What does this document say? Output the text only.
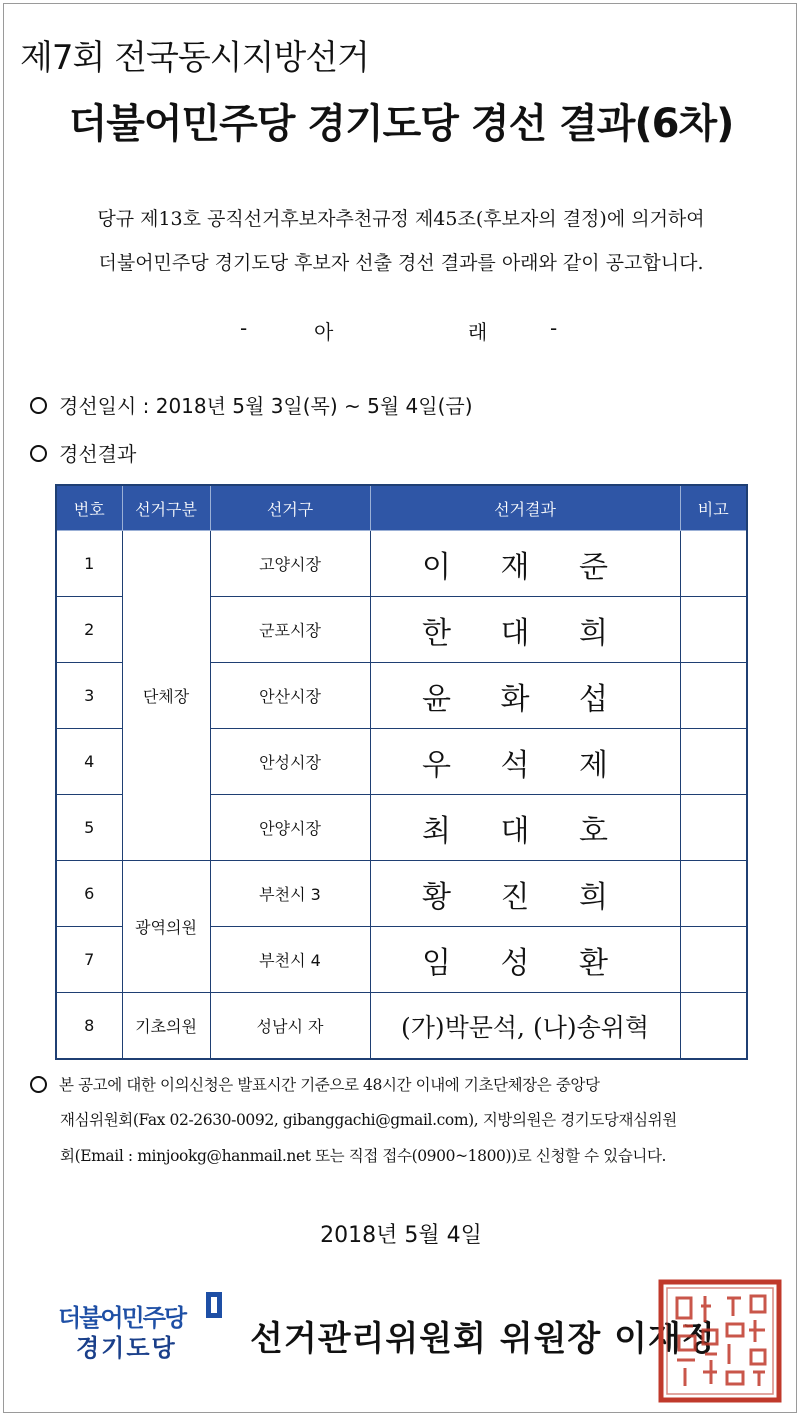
제7회 전국동시지방선거
더불어민주당 경기도당 경선 결과(6차)
당규 제13호 공직선거후보자추천규정 제45조(후보자의 결정)에 의거하여
더불어민주당 경기도당 후보자 선출 경선 결과를 아래와 같이 공고합니다.
-	아	래	-
경선일시 : 2018년 5월 3일(목) ~ 5월 4일(금)
경선결과
번호	선거구분	선거구	선거결과	비고
1	단체장	고양시장	이 재 준	
2		군포시장	한 대 희	
3		안산시장	윤 화 섭	
4		안성시장	우 석 제	
5		안양시장	최 대 호	
6	광역의원	부천시 3	황 진 희	
7		부천시 4	임 성 환	
8	기초의원	성남시 자	(가)박문석, (나)송위혁	
본 공고에 대한 이의신청은 발표시간 기준으로 48시간 이내에 기초단체장은 중앙당
재심위원회(Fax 02-2630-0092, gibanggachi@gmail.com), 지방의원은 경기도당재심위원
회(Email : minjookg@hanmail.net 또는 직접 접수(0900~1800))로 신청할 수 있습니다.
2018년 5월 4일
더불어민주당
경기도당 선거관리위원회 위원장 이재정
